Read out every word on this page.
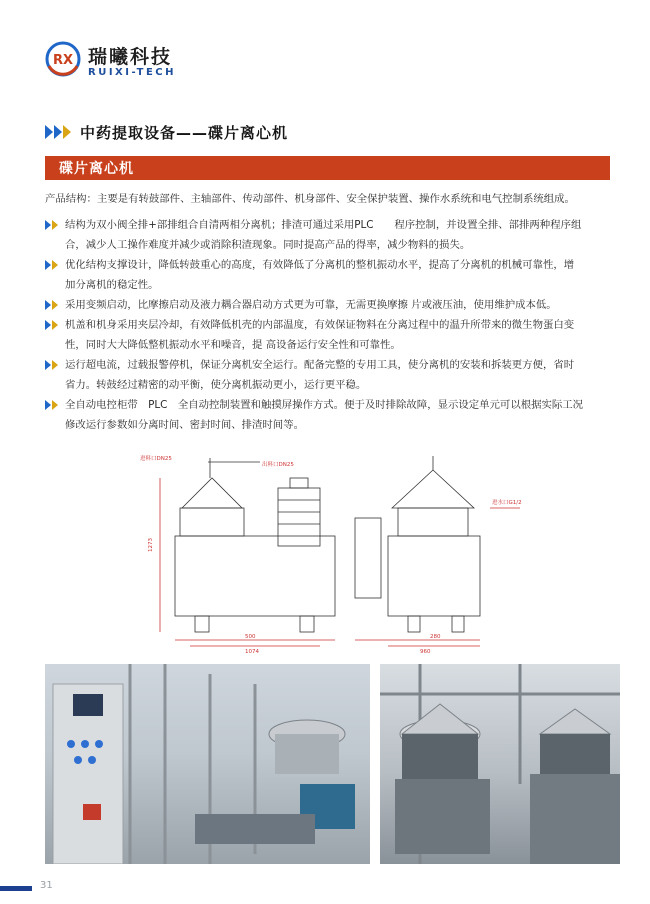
RX 瑞曦科技
RUIXI-TECH
中药提取设备——碟片离心机
碟片离心机
产品结构：主要是有转鼓部件、主轴部件、传动部件、机身部件、安全保护装置、操作水系统和电气控制系统组成。
结构为双小阀全排+部排组合自清两相分离机；排渣可通过采用PLC　　程序控制，并设置全排、部排两种程序组
合，减少人工操作难度并减少或消除积渣现象。同时提高产品的得率，减少物料的损失。
优化结构支撑设计，降低转鼓重心的高度，有效降低了分离机的整机振动水平，提高了分离机的机械可靠性，增
加分离机的稳定性。
采用变频启动，比摩擦启动及液力耦合器启动方式更为可靠，无需更换摩擦 片或液压油，使用维护成本低。
机盖和机身采用夹层冷却，有效降低机壳的内部温度，有效保证物料在分离过程中的温升所带来的微生物蛋白变
性，同时大大降低整机振动水平和噪音，提 高设备运行安全性和可靠性。
运行超电流，过载报警停机，保证分离机安全运行。配备完整的专用工具，使分离机的安装和拆装更方便，省时
省力。转鼓经过精密的动平衡，使分离机振动更小，运行更平稳。
全自动电控柜带　PLC　全自动控制装置和触摸屏操作方式。便于及时排除故障，显示设定单元可以根据实际工况
修改运行参数如分离时间、密封时间、排渣时间等。
进料口DN25
出料口DN25
进水口G1/2
500
1074
280
960
1273
31
